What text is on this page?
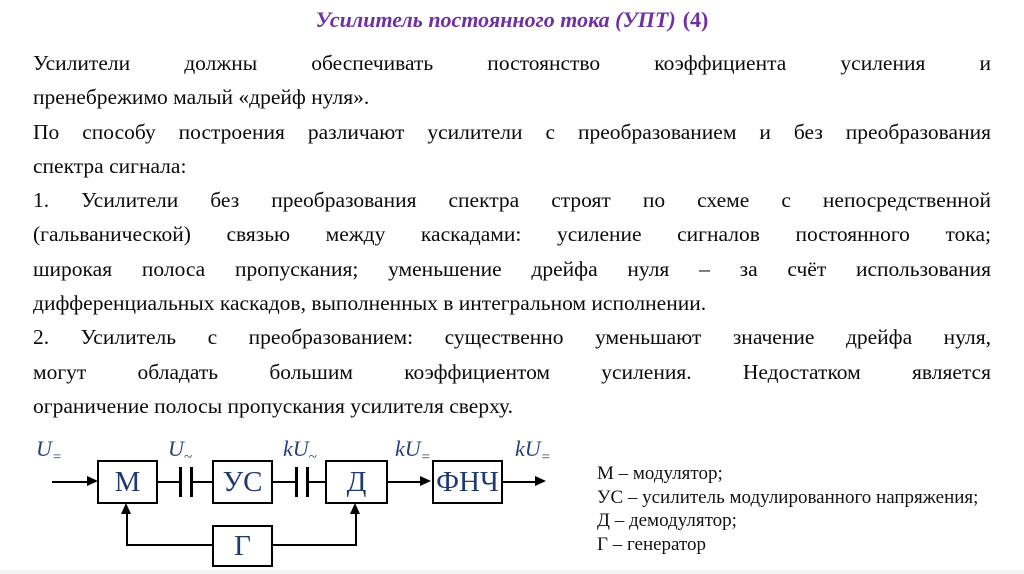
Усилитель постоянного тока (УПТ) (4)
Усилители должны обеспечивать постоянство коэффициента усиления и
пренебрежимо малый «дрейф нуля».
По способу построения различают усилители с преобразованием и без преобразования
спектра сигнала:
1. Усилители без преобразования спектра строят по схеме с непосредственной
(гальванической) связью между каскадами: усиление сигналов постоянного тока;
широкая полоса пропускания; уменьшение дрейфа нуля – за счёт использования
дифференциальных каскадов, выполненных в интегральном исполнении.
2. Усилитель с преобразованием: существенно уменьшают значение дрейфа нуля,
могут обладать большим коэффициентом усиления. Недостатком является
ограничение полосы пропускания усилителя сверху.
$U_=$	$U_\sim$	$kU_\sim$	$kU_=$	$kU_=$
М	УС	Д ФНЧ
Г
М – модулятор;
УС – усилитель модулированного напряжения;
Д – демодулятор;
Г – генератор
